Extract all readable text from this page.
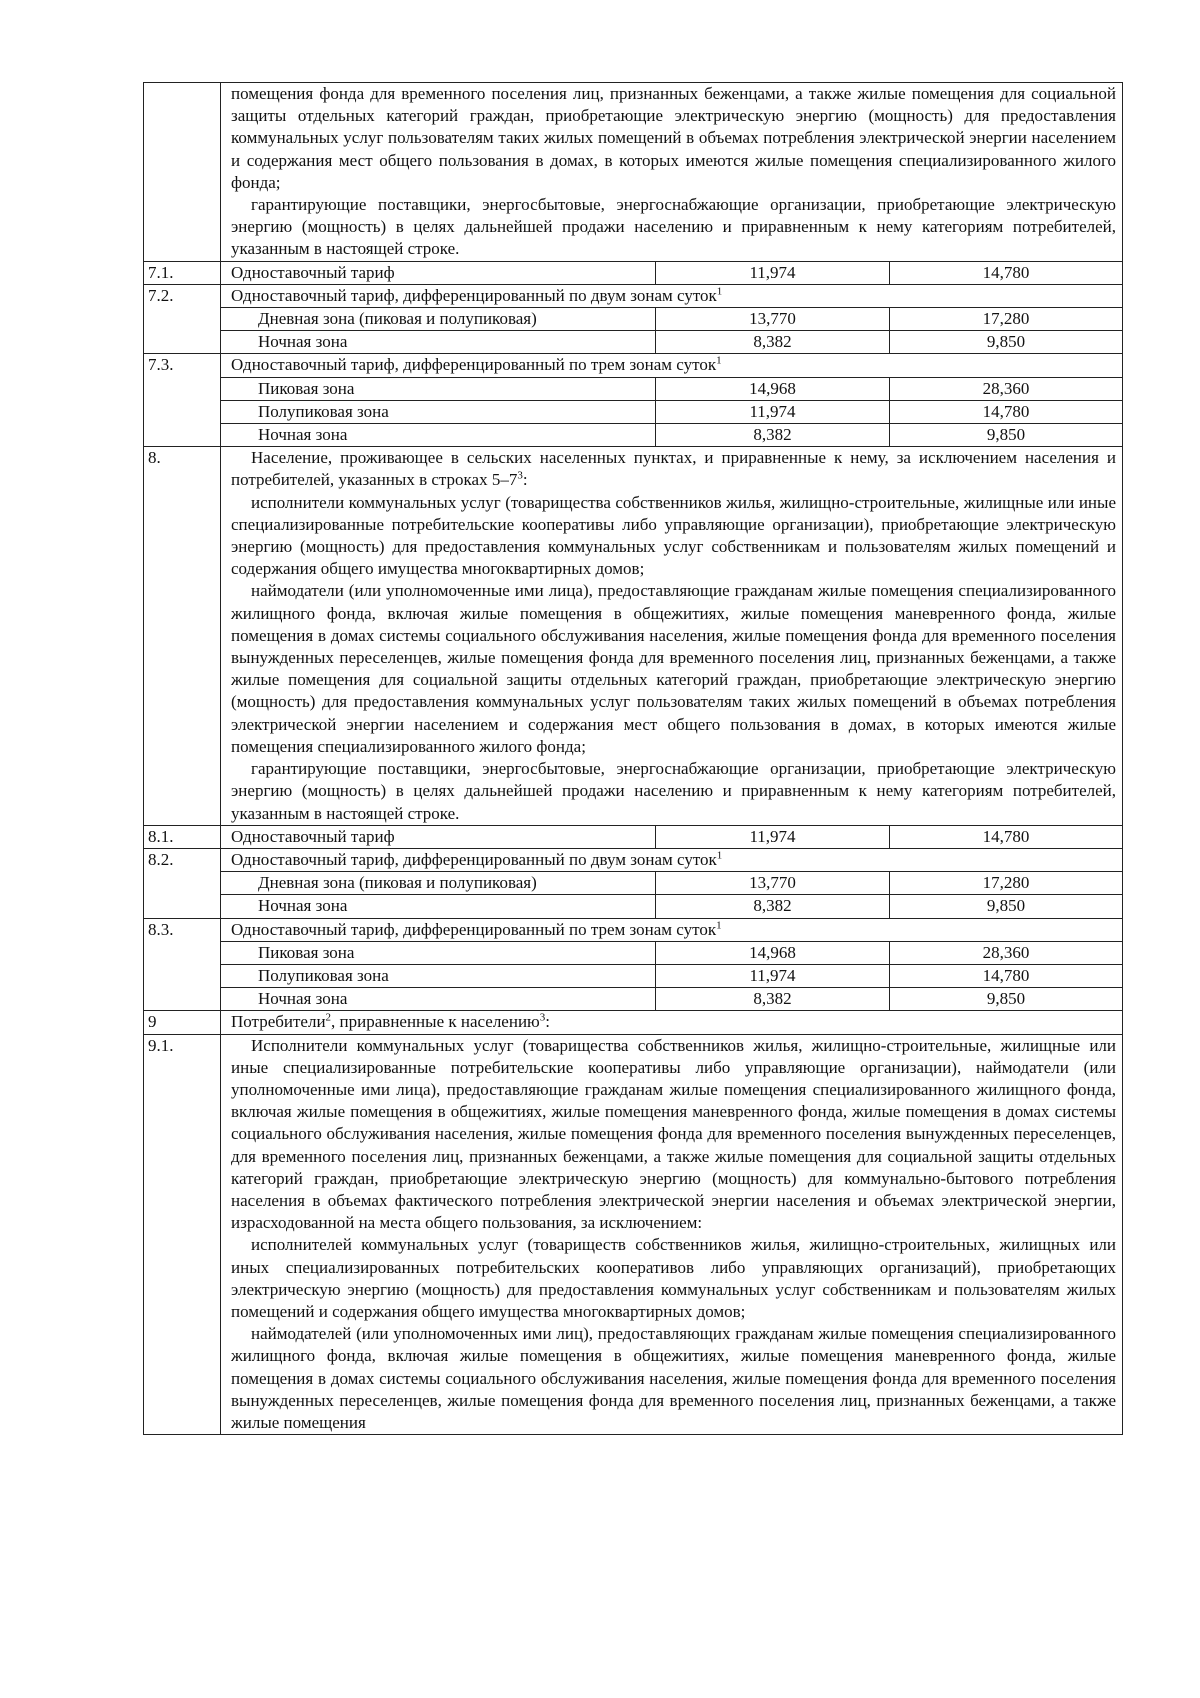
	помещения фонда для временного поселения лиц, признанных беженцами, а также жилые помещения для социальной защиты отдельных категорий граждан, приобретающие электрическую энергию (мощность) для предоставления коммунальных услуг пользователям таких жилых помещений в объемах потребления электрической энергии населением и содержания мест общего пользования в домах, в которых имеются жилые помещения специализированного жилого фонда;

гарантирующие поставщики, энергосбытовые, энергоснабжающие организации, приобретающие электрическую энергию (мощность) в целях дальнейшей продажи населению и приравненным к нему категориям потребителей, указанным в настоящей строке.		

7.1.	Одноставочный тариф	11,974	14,780
7.2.	Одноставочный тариф, дифференцированный по двум зонам суток$^1$
	Дневная зона (пиковая и полупиковая)	13,770	17,280
	Ночная зона	8,382	9,850
7.3.	Одноставочный тариф, дифференцированный по трем зонам суток$^1$
	Пиковая зона	14,968	28,360
	Полупиковая зона	11,974	14,780
	Ночная зона	8,382	9,850
8.	Население, проживающее в сельских населенных пунктах, и приравненные к нему, за исключением населения и потребителей, указанных в строках $5-7^3$:

исполнители коммунальных услуг (товарищества собственников жилья, жилищно-строительные, жилищные или иные специализированные потребительские кооперативы либо управляющие организации), приобретающие электрическую энергию (мощность) для предоставления коммунальных услуг собственникам и пользователям жилых помещений и содержания общего имущества многоквартирных домов;

наймодатели (или уполномоченные ими лица), предоставляющие гражданам жилые помещения специализированного жилищного фонда, включая жилые помещения в общежитиях, жилые помещения маневренного фонда, жилые помещения в домах системы социального обслуживания населения, жилые помещения фонда для временного поселения вынужденных переселенцев, жилые помещения фонда для временного поселения лиц, признанных беженцами, а также жилые помещения для социальной защиты отдельных категорий граждан, приобретающие электрическую энергию (мощность) для предоставления коммунальных услуг пользователям таких жилых помещений в объемах потребления электрической энергии населением и содержания мест общего пользования в домах, в которых имеются жилые помещения специализированного жилого фонда;

гарантирующие поставщики, энергосбытовые, энергоснабжающие организации, приобретающие электрическую энергию (мощность) в целях дальнейшей продажи населению и приравненным к нему категориям потребителей, указанным в настоящей строке.		

8.1.	Одноставочный тариф	11,974	14,780
8.2.	Одноставочный тариф, дифференцированный по двум зонам суток$^1$
	Дневная зона (пиковая и полупиковая)	13,770	17,280
	Ночная зона	8,382	9,850
8.3.	Одноставочный тариф, дифференцированный по трем зонам суток$^1$
	Пиковая зона	14,968	28,360
	Полупиковая зона	11,974	14,780
	Ночная зона	8,382	9,850
9	Потребители$^2$, приравненные к населению$^3$:		
9.1.	Исполнители коммунальных услуг (товарищества собственников жилья, жилищно-строительные, жилищные или иные специализированные потребительские кооперативы либо управляющие организации), наймодатели (или уполномоченные ими лица), предоставляющие гражданам жилые помещения специализированного жилищного фонда, включая жилые помещения в общежитиях, жилые помещения маневренного фонда, жилые помещения в домах системы социального обслуживания населения, жилые помещения фонда для временного поселения вынужденных переселенцев, для временного поселения лиц, признанных беженцами, а также жилые помещения для социальной защиты отдельных категорий граждан, приобретающие электрическую энергию (мощность) для коммунально-бытового потребления населения в объемах фактического потребления электрической энергии населения и объемах электрической энергии, израсходованной на места общего пользования, за исключением:

исполнителей коммунальных услуг (товариществ собственников жилья, жилищно-строительных, жилищных или иных специализированных потребительских кооперативов либо управляющих организаций), приобретающих электрическую энергию (мощность) для предоставления коммунальных услуг собственникам и пользователям жилых помещений и содержания общего имущества многоквартирных домов;

наймодателей (или уполномоченных ими лиц), предоставляющих гражданам жилые помещения специализированного жилищного фонда, включая жилые помещения в общежитиях, жилые помещения маневренного фонда, жилые помещения в домах системы социального обслуживания населения, жилые помещения фонда для временного поселения вынужденных переселенцев, жилые помещения фонда для временного поселения лиц, признанных беженцами, а также жилые помещения		
